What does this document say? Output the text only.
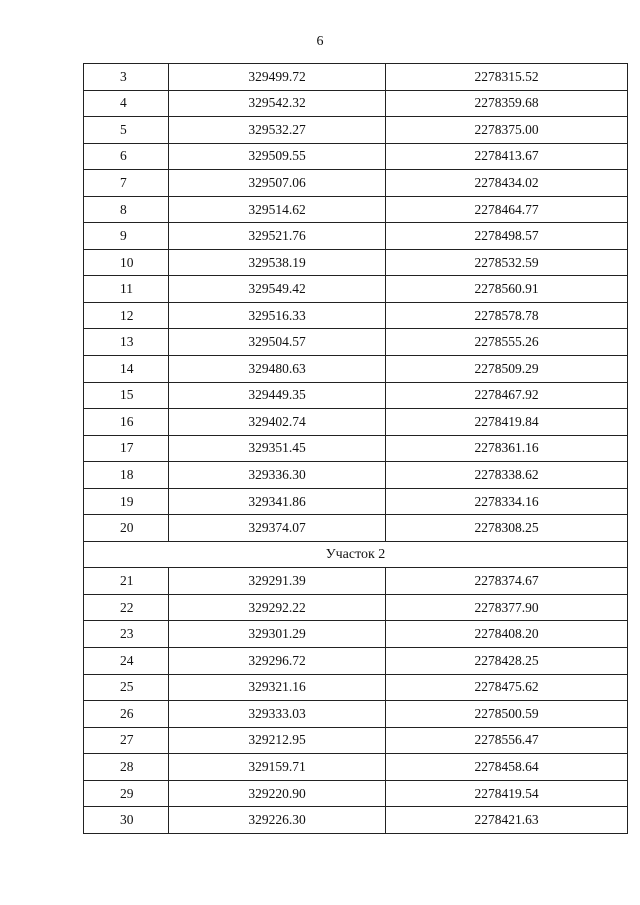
6
3	329499.72	2278315.52
4	329542.32	2278359.68
5	329532.27	2278375.00
6	329509.55	2278413.67
7	329507.06	2278434.02
8	329514.62	2278464.77
9	329521.76	2278498.57
10	329538.19	2278532.59
11	329549.42	2278560.91
12	329516.33	2278578.78
13	329504.57	2278555.26
14	329480.63	2278509.29
15	329449.35	2278467.92
16	329402.74	2278419.84
17	329351.45	2278361.16
18	329336.30	2278338.62
19	329341.86	2278334.16
20	329374.07	2278308.25
Участок 2		
21	329291.39	2278374.67
22	329292.22	2278377.90
23	329301.29	2278408.20
24	329296.72	2278428.25
25	329321.16	2278475.62
26	329333.03	2278500.59
27	329212.95	2278556.47
28	329159.71	2278458.64
29	329220.90	2278419.54
30	329226.30	2278421.63
